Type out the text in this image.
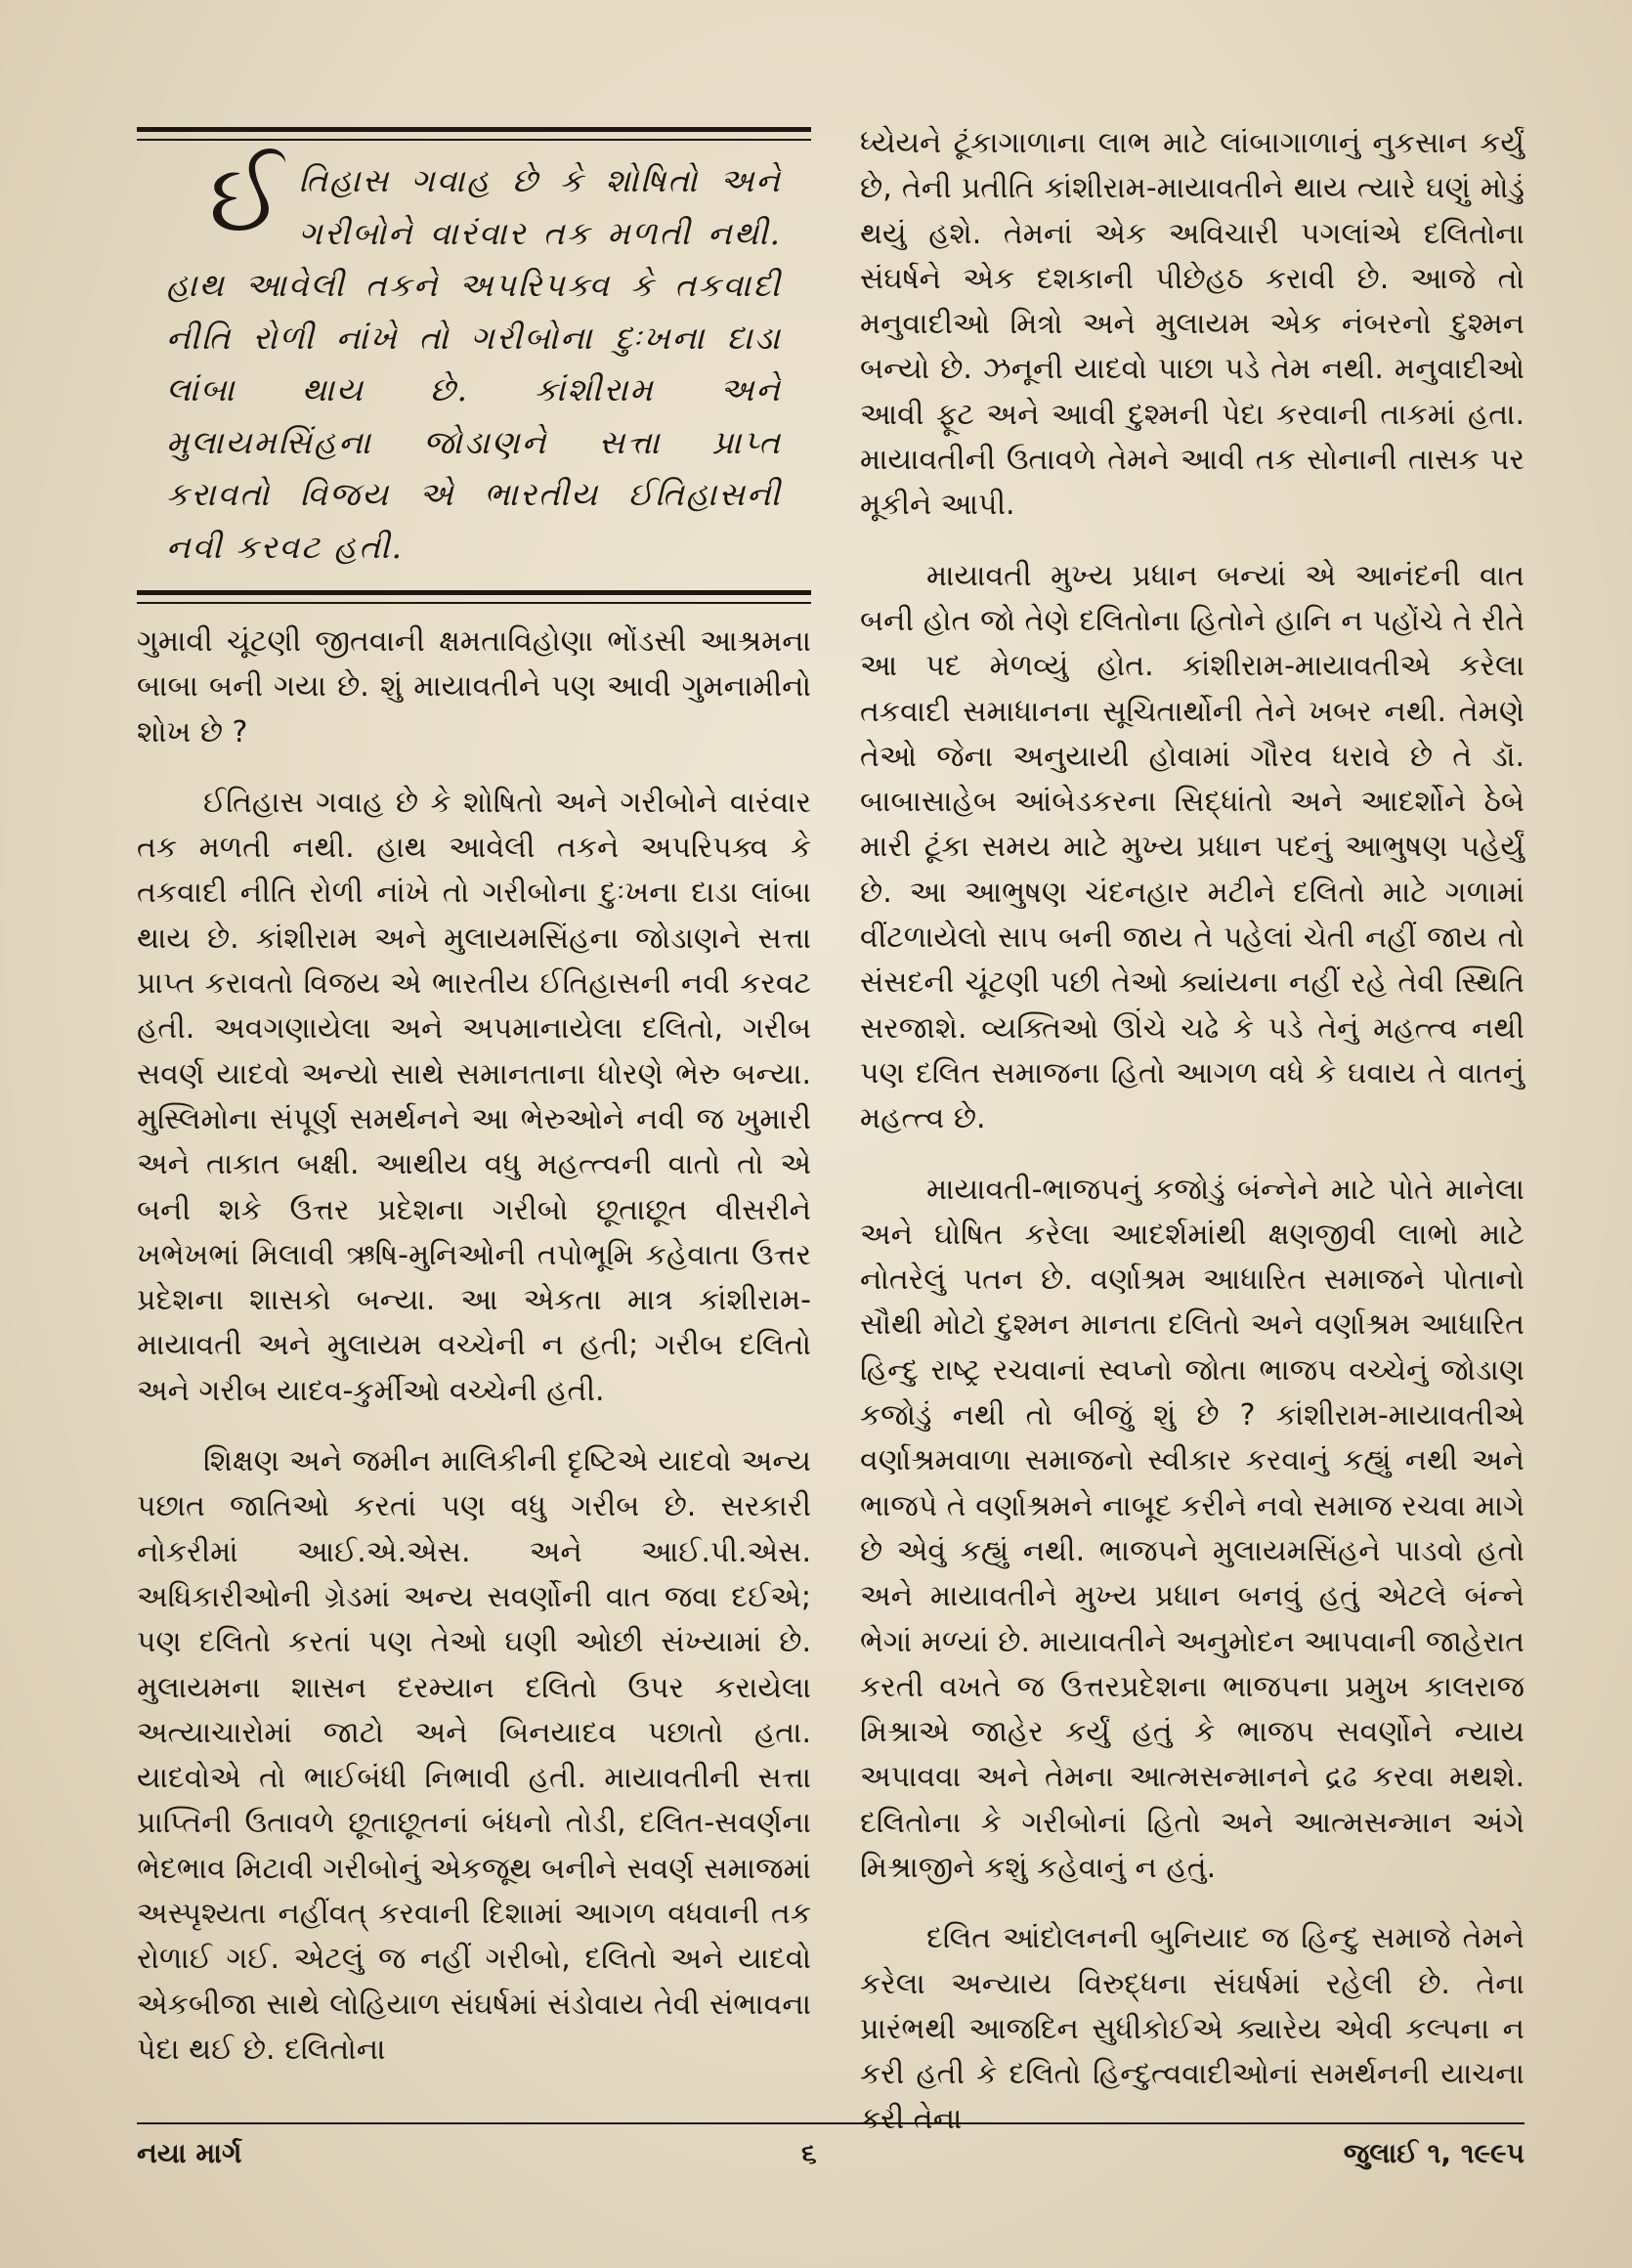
ઈતિહાસ ગવાહ છે કે શોષિતો અને ગરીબોને વારંવાર તક મળતી નથી. હાથ આવેલી તકને અપરિપક્વ કે તકવાદી નીતિ રોળી નાંખે તો ગરીબોના દુઃખના દાડા લાંબા થાય છે. કાંશીરામ અને મુલાયમસિંહના જોડાણને સત્તા પ્રાપ્ત કરાવતો વિજય એ ભારતીય ઈતિહાસની નવી કરવટ હતી.

ગુમાવી ચૂંટણી જીતવાની ક્ષમતાવિહોણા ભોંડસી આશ્રમના બાબા બની ગયા છે. શું માયાવતીને પણ આવી ગુમનામીનો શોખ છે ?

ઈતિહાસ ગવાહ છે કે શોષિતો અને ગરીબોને વારંવાર તક મળતી નથી. હાથ આવેલી તકને અપરિપક્વ કે તકવાદી નીતિ રોળી નાંખે તો ગરીબોના દુઃખના દાડા લાંબા થાય છે. કાંશીરામ અને મુલાયમસિંહના જોડાણને સત્તા પ્રાપ્ત કરાવતો વિજય એ ભારતીય ઈતિહાસની નવી કરવટ હતી. અવગણાયેલા અને અપમાનાયેલા દલિતો, ગરીબ સવર્ણ યાદવો અન્યો સાથે સમાનતાના ધોરણે ભેરુ બન્યા. મુસ્લિમોના સંપૂર્ણ સમર્થનને આ ભેરુઓને નવી જ ખુમારી અને તાકાત બક્ષી. આથીય વધુ મહત્ત્વની વાતો તો એ બની શકે ઉત્તર પ્રદેશના ગરીબો છૂતાછૂત વીસરીને ખભેખભાં મિલાવી ઋષિ-મુનિઓની તપોભૂમિ કહેવાતા ઉત્તર પ્રદેશના શાસકો બન્યા. આ એકતા માત્ર કાંશીરામ-માયાવતી અને મુલાયમ વચ્ચેની ન હતી; ગરીબ દલિતો અને ગરીબ યાદવ-કુર્મીઓ વચ્ચેની હતી.

શિક્ષણ અને જમીન માલિકીની દૃષ્ટિએ યાદવો અન્ય પછાત જાતિઓ કરતાં પણ વધુ ગરીબ છે. સરકારી નોકરીમાં આઈ.એ.એસ. અને આઈ.પી.એસ. અધિકારીઓની ગ્રેડમાં અન્ય સવર્ણોની વાત જવા દઈએ; પણ દલિતો કરતાં પણ તેઓ ઘણી ઓછી સંખ્યામાં છે. મુલાયમના શાસન દરમ્યાન દલિતો ઉપર કરાયેલા અત્યાચારોમાં જાટો અને બિનયાદવ પછાતો હતા. યાદવોએ તો ભાઈબંધી નિભાવી હતી. માયાવતીની સત્તા પ્રાપ્તિની ઉતાવળે છૂતાછૂતનાં બંધનો તોડી, દલિત-સવર્ણના ભેદભાવ મિટાવી ગરીબોનું એકજૂથ બનીને સવર્ણ સમાજમાં અસ્પૃશ્યતા નહીંવત્ કરવાની દિશામાં આગળ વધવાની તક રોળાઈ ગઈ. એટલું જ નહીં ગરીબો, દલિતો અને યાદવો એકબીજા સાથે લોહિયાળ સંઘર્ષમાં સંડોવાય તેવી સંભાવના પેદા થઈ છે. દલિતોના

ધ્યેયને ટૂંકાગાળાના લાભ માટે લાંબાગાળાનું નુકસાન કર્યું છે, તેની પ્રતીતિ કાંશીરામ-માયાવતીને થાય ત્યારે ઘણું મોડું થયું હશે. તેમનાં એક અવિચારી પગલાંએ દલિતોના સંઘર્ષને એક દશકાની પીછેહઠ કરાવી છે. આજે તો મનુવાદીઓ મિત્રો અને મુલાયમ એક નંબરનો દુશ્મન બન્યો છે. ઝનૂની યાદવો પાછા પડે તેમ નથી. મનુવાદીઓ આવી ફૂટ અને આવી દુશ્મની પેદા કરવાની તાકમાં હતા. માયાવતીની ઉતાવળે તેમને આવી તક સોનાની તાસક પર મૂકીને આપી.

માયાવતી મુખ્ય પ્રધાન બન્યાં એ આનંદની વાત બની હોત જો તેણે દલિતોના હિતોને હાનિ ન પહોંચે તે રીતે આ પદ મેળવ્યું હોત. કાંશીરામ-માયાવતીએ કરેલા તકવાદી સમાધાનના સૂચિતાર્થોની તેને ખબર નથી. તેમણે તેઓ જેના અનુયાયી હોવામાં ગૌરવ ધરાવે છે તે ડૉ. બાબાસાહેબ આંબેડકરના સિદ્ધાંતો અને આદર્શોને ઠેબે મારી ટૂંકા સમય માટે મુખ્ય પ્રધાન પદનું આભુષણ પહેર્યું છે. આ આભુષણ ચંદનહાર મટીને દલિતો માટે ગળામાં વીંટળાયેલો સાપ બની જાય તે પહેલાં ચેતી નહીં જાય તો સંસદની ચૂંટણી પછી તેઓ ક્યાંયના નહીં રહે તેવી સ્થિતિ સરજાશે. વ્યક્તિઓ ઊંચે ચઢે કે પડે તેનું મહત્ત્વ નથી પણ દલિત સમાજના હિતો આગળ વધે કે ઘવાય તે વાતનું મહત્ત્વ છે.

માયાવતી-ભાજપનું કજોડું બંન્નેને માટે પોતે માનેલા અને ઘોષિત કરેલા આદર્શમાંથી ક્ષણજીવી લાભો માટે નોતરેલું પતન છે. વર્ણાશ્રમ આધારિત સમાજને પોતાનો સૌથી મોટો દુશ્મન માનતા દલિતો અને વર્ણાશ્રમ આધારિત હિન્દુ રાષ્ટ્ર રચવાનાં સ્વપ્નો જોતા ભાજપ વચ્ચેનું જોડાણ કજોડું નથી તો બીજું શું છે ? કાંશીરામ-માયાવતીએ વર્ણાશ્રમવાળા સમાજનો સ્વીકાર કરવાનું કહ્યું નથી અને ભાજપે તે વર્ણાશ્રમને નાબૂદ કરીને નવો સમાજ રચવા માગે છે એવું કહ્યું નથી. ભાજપને મુલાયમસિંહને પાડવો હતો અને માયાવતીને મુખ્ય પ્રધાન બનવું હતું એટલે બંન્ને ભેગાં મળ્યાં છે. માયાવતીને અનુમોદન આપવાની જાહેરાત કરતી વખતે જ ઉત્તરપ્રદેશના ભાજપના પ્રમુખ કાલરાજ મિશ્રાએ જાહેર કર્યું હતું કે ભાજપ સવર્ણોને ન્યાય અપાવવા અને તેમના આત્મસન્માનને દ્રઢ કરવા મથશે. દલિતોના કે ગરીબોનાં હિતો અને આત્મસન્માન અંગે મિશ્રાજીને કશું કહેવાનું ન હતું.

દલિત આંદોલનની બુનિયાદ જ હિન્દુ સમાજે તેમને કરેલા અન્યાય વિરુદ્ધના સંઘર્ષમાં રહેલી છે. તેના પ્રારંભથી આજદિન સુધીકોઈએ ક્યારેય એવી કલ્પના ન કરી હતી કે દલિતો હિન્દુત્વવાદીઓનાં સમર્થનની યાચના કરી તેના

નયા માર્ગ	૬	જુલાઈ ૧, ૧૯૯૫
